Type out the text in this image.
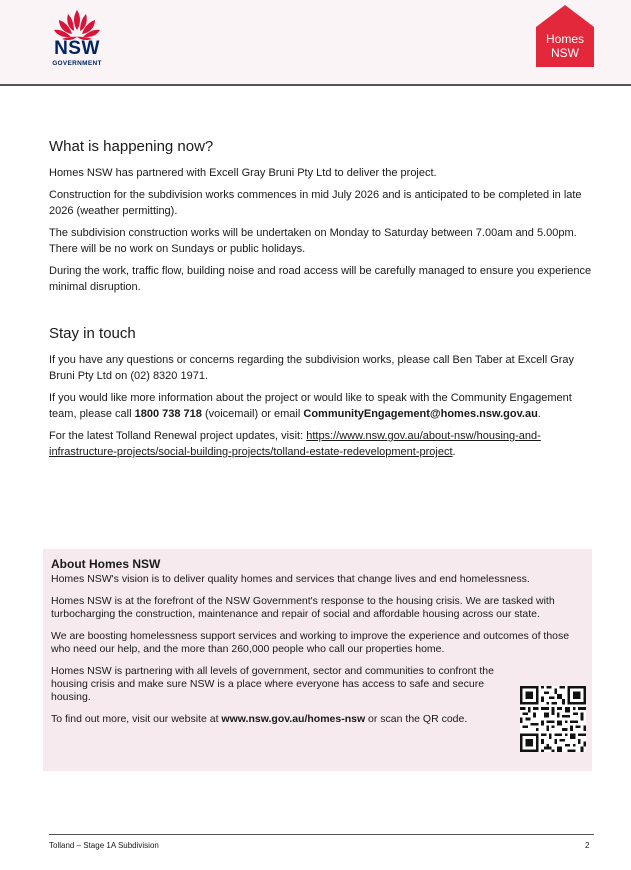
NSW
GOVERNMENT
Homes
NSW
What is happening now?

Homes NSW has partnered with Excell Gray Bruni Pty Ltd to deliver the project.

Construction for the subdivision works commences in mid July 2026 and is anticipated to be completed in late 2026 (weather permitting).

The subdivision construction works will be undertaken on Monday to Saturday between 7.00am and 5.00pm. There will be no work on Sundays or public holidays.

During the work, traffic flow, building noise and road access will be carefully managed to ensure you experience minimal disruption.

Stay in touch

If you have any questions or concerns regarding the subdivision works, please call Ben Taber at Excell Gray Bruni Pty Ltd on (02) 8320 1971.

If you would like more information about the project or would like to speak with the Community Engagement team, please call 1800 738 718 (voicemail) or email CommunityEngagement@homes.nsw.gov.au.

For the latest Tolland Renewal project updates, visit: https://www.nsw.gov.au/about-nsw/housing-and-infrastructure-projects/social-building-projects/tolland-estate-redevelopment-project.

About Homes NSW

Homes NSW's vision is to deliver quality homes and services that change lives and end homelessness.

Homes NSW is at the forefront of the NSW Government's response to the housing crisis. We are tasked with turbocharging the construction, maintenance and repair of social and affordable housing across our state.

We are boosting homelessness support services and working to improve the experience and outcomes of those who need our help, and the more than 260,000 people who call our properties home.

Homes NSW is partnering with all levels of government, sector and communities to confront the housing crisis and make sure NSW is a place where everyone has access to safe and secure housing.

To find out more, visit our website at www.nsw.gov.au/homes-nsw or scan the QR code.

Tolland – Stage 1A Subdivision	2
